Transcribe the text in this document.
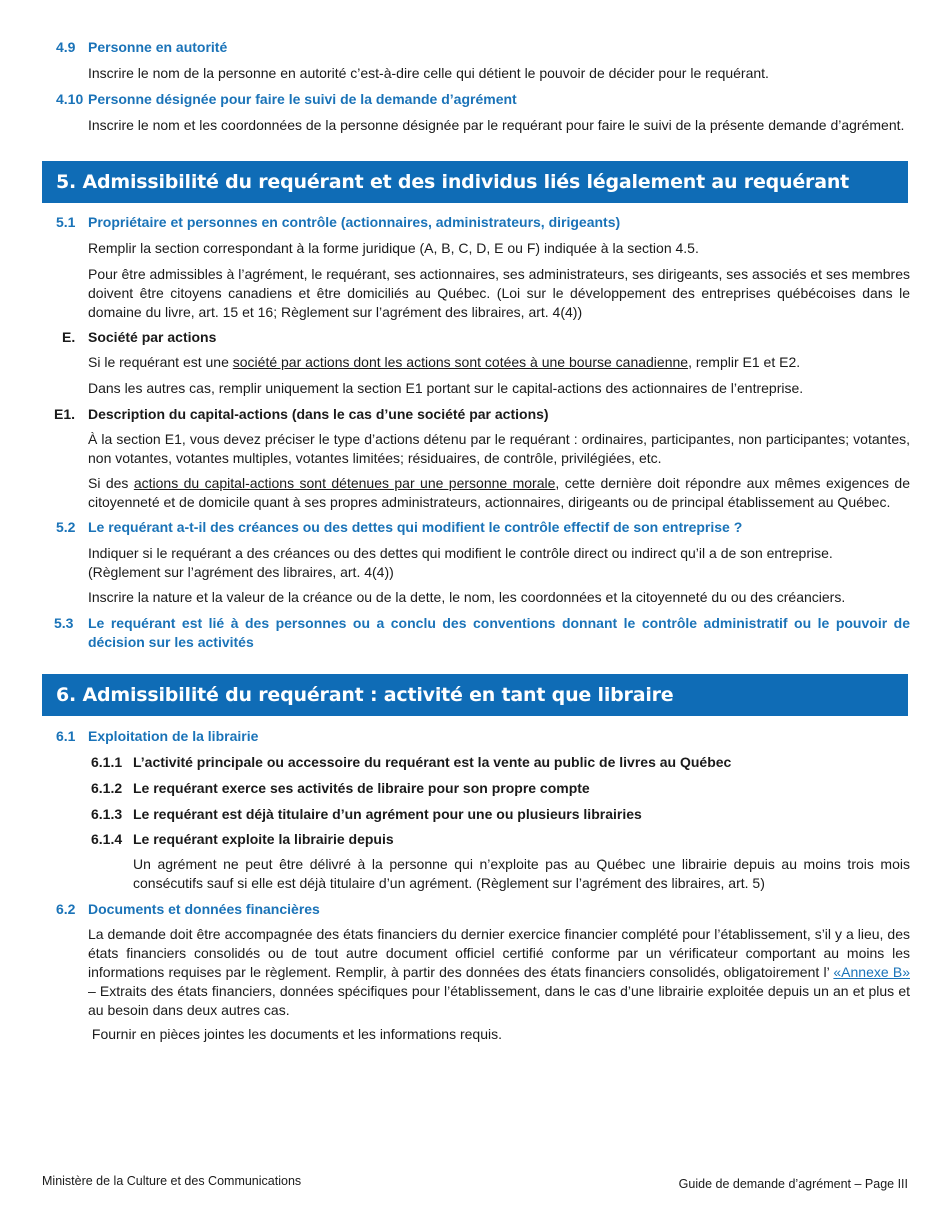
4.9 Personne en autorité

Inscrire le nom de la personne en autorité c’est-à-dire celle qui détient le pouvoir de décider pour le requérant.

4.10 Personne désignée pour faire le suivi de la demande d’agrément

Inscrire le nom et les coordonnées de la personne désignée par le requérant pour faire le suivi de la présente demande d’agrément.

5. Admissibilité du requérant et des individus liés légalement au requérant
5.1 Propriétaire et personnes en contrôle (actionnaires, administrateurs, dirigeants)

Remplir la section correspondant à la forme juridique (A, B, C, D, E ou F) indiquée à la section 4.5.

Pour être admissibles à l’agrément, le requérant, ses actionnaires, ses administrateurs, ses dirigeants, ses associés et ses membres doivent être citoyens canadiens et être domiciliés au Québec. (Loi sur le développement des entreprises québécoises dans le domaine du livre, art. 15 et 16; Règlement sur l’agrément des libraires, art. 4(4))

E. Société par actions

Si le requérant est une société par actions dont les actions sont cotées à une bourse canadienne, remplir E1 et E2.

Dans les autres cas, remplir uniquement la section E1 portant sur le capital-actions des actionnaires de l’entreprise.

E1. Description du capital-actions (dans le cas d’une société par actions)

À la section E1, vous devez préciser le type d’actions détenu par le requérant : ordinaires, participantes, non participantes; votantes, non votantes, votantes multiples, votantes limitées; résiduaires, de contrôle, privilégiées, etc.

Si des actions du capital-actions sont détenues par une personne morale, cette dernière doit répondre aux mêmes exigences de citoyenneté et de domicile quant à ses propres administrateurs, actionnaires, dirigeants ou de principal établissement au Québec.

5.2 Le requérant a-t-il des créances ou des dettes qui modifient le contrôle effectif de son entreprise ?

Indiquer si le requérant a des créances ou des dettes qui modifient le contrôle direct ou indirect qu’il a de son entreprise.

(Règlement sur l’agrément des libraires, art. 4(4))

Inscrire la nature et la valeur de la créance ou de la dette, le nom, les coordonnées et la citoyenneté du ou des créanciers.

5.3 Le requérant est lié à des personnes ou a conclu des conventions donnant le contrôle administratif ou le pouvoir de décision sur les activités
6. Admissibilité du requérant : activité en tant que libraire
6.1 Exploitation de la librairie
6.1.1 L’activité principale ou accessoire du requérant est la vente au public de livres au Québec
6.1.2 Le requérant exerce ses activités de libraire pour son propre compte
6.1.3 Le requérant est déjà titulaire d’un agrément pour une ou plusieurs librairies
6.1.4 Le requérant exploite la librairie depuis

Un agrément ne peut être délivré à la personne qui n’exploite pas au Québec une librairie depuis au moins trois mois consécutifs sauf si elle est déjà titulaire d’un agrément. (Règlement sur l’agrément des libraires, art. 5)

6.2 Documents et données financières

La demande doit être accompagnée des états financiers du dernier exercice financier complété pour l’établissement, s’il y a lieu, des états financiers consolidés ou de tout autre document officiel certifié conforme par un vérificateur comportant au moins les informations requises par le règlement. Remplir, à partir des données des états financiers consolidés, obligatoirement l’ «Annexe B» – Extraits des états financiers, données spécifiques pour l’établissement, dans le cas d’une librairie exploitée depuis un an et plus et au besoin dans deux autres cas.

Fournir en pièces jointes les documents et les informations requis.

Ministère de la Culture et des Communications	Guide de demande d’agrément – Page III
